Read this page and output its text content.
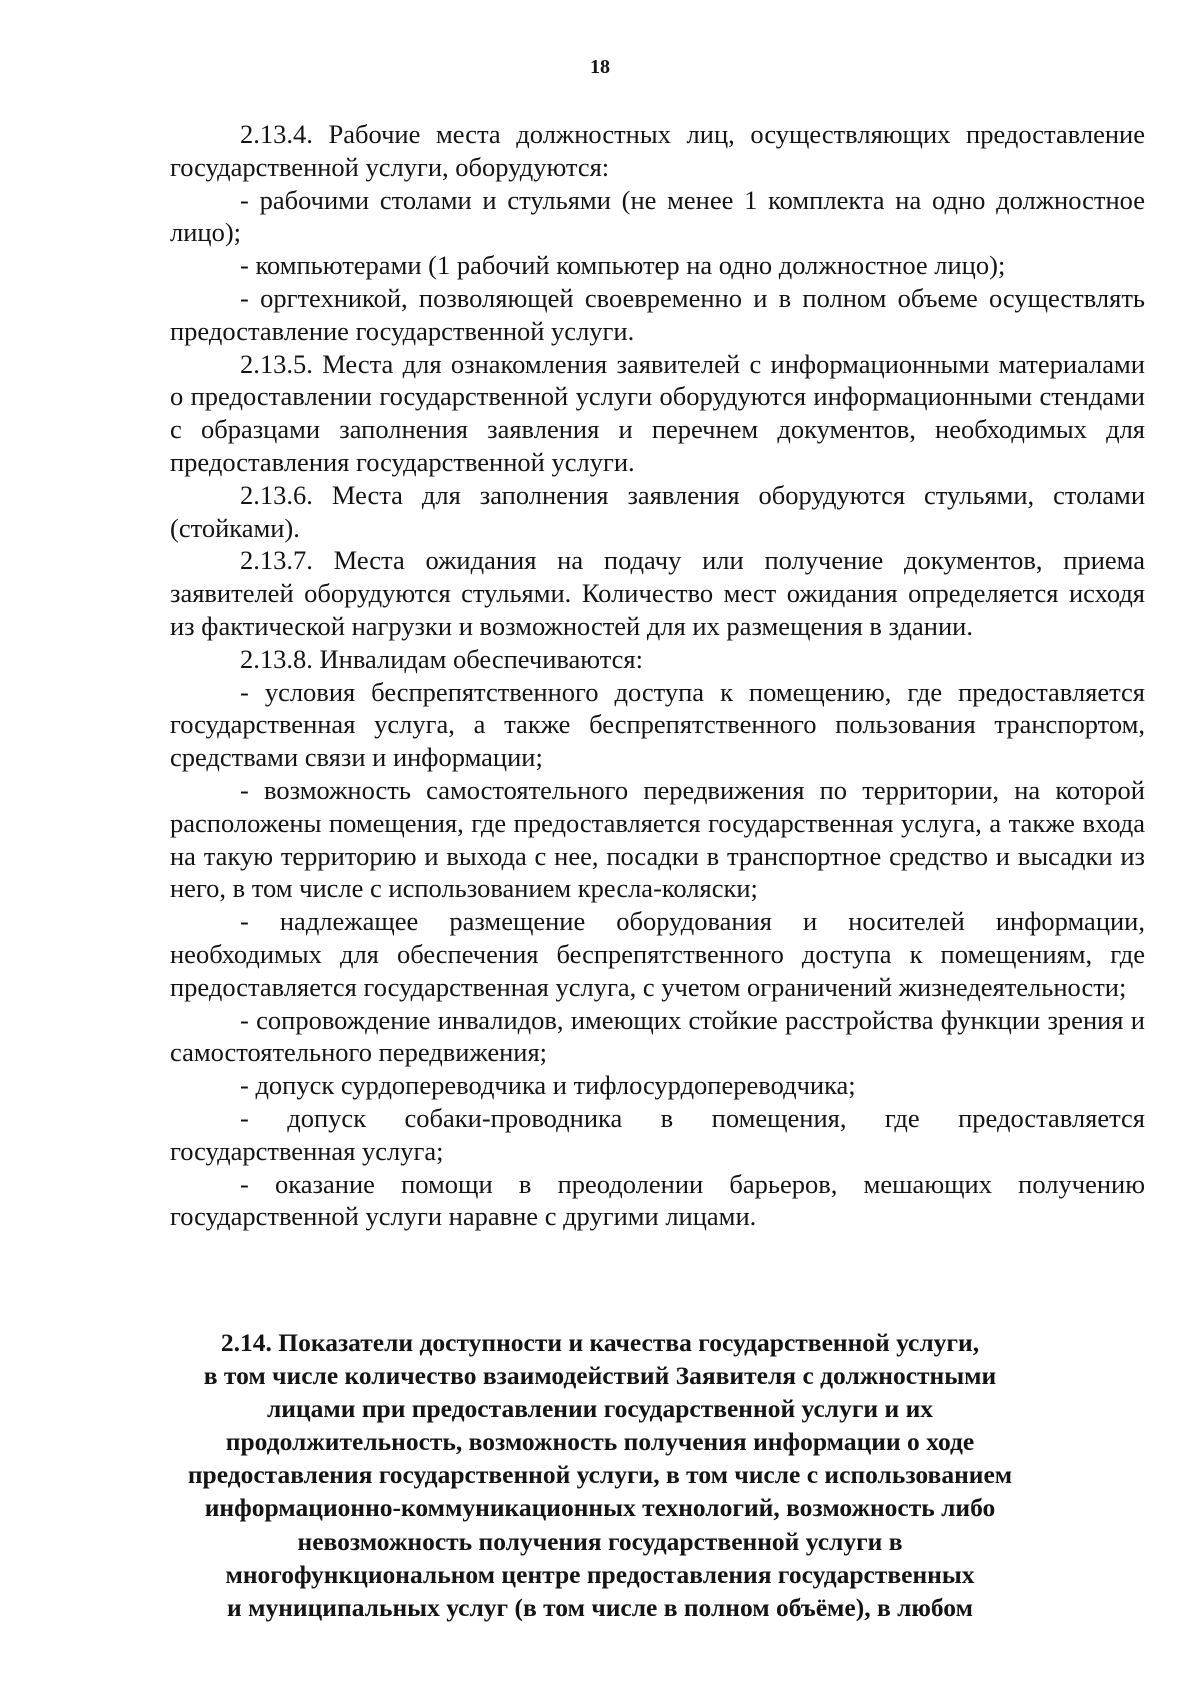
18

2.13.4. Рабочие места должностных лиц, осуществляющих предоставление государственной услуги, оборудуются:

- рабочими столами и стульями (не менее 1 комплекта на одно должностное лицо);

- компьютерами (1 рабочий компьютер на одно должностное лицо);

- оргтехникой, позволяющей своевременно и в полном объеме осуществлять предоставление государственной услуги.

2.13.5. Места для ознакомления заявителей с информационными материалами о предоставлении государственной услуги оборудуются информационными стендами с образцами заполнения заявления и перечнем документов, необходимых для предоставления государственной услуги.

2.13.6. Места для заполнения заявления оборудуются стульями, столами (стойками).

2.13.7. Места ожидания на подачу или получение документов, приема заявителей оборудуются стульями. Количество мест ожидания определяется исходя из фактической нагрузки и возможностей для их размещения в здании.

2.13.8. Инвалидам обеспечиваются:

- условия беспрепятственного доступа к помещению, где предоставляется государственная услуга, а также беспрепятственного пользования транспортом, средствами связи и информации;

- возможность самостоятельного передвижения по территории, на которой расположены помещения, где предоставляется государственная услуга, а также входа на такую территорию и выхода с нее, посадки в транспортное средство и высадки из него, в том числе с использованием кресла-коляски;

- надлежащее размещение оборудования и носителей информации, необходимых для обеспечения беспрепятственного доступа к помещениям, где предоставляется государственная услуга, с учетом ограничений жизнедеятельности;

- сопровождение инвалидов, имеющих стойкие расстройства функции зрения и самостоятельного передвижения;

- допуск сурдопереводчика и тифлосурдопереводчика;

- допуск собаки-проводника в помещения, где предоставляется государственная услуга;

- оказание помощи в преодолении барьеров, мешающих получению государственной услуги наравне с другими лицами.

2.14. Показатели доступности и качества государственной услуги,
в том числе количество взаимодействий Заявителя с должностными
лицами при предоставлении государственной услуги и их
продолжительность, возможность получения информации о ходе
предоставления государственной услуги, в том числе с использованием
информационно-коммуникационных технологий, возможность либо
невозможность получения государственной услуги в
многофункциональном центре предоставления государственных
и муниципальных услуг (в том числе в полном объёме), в любом
